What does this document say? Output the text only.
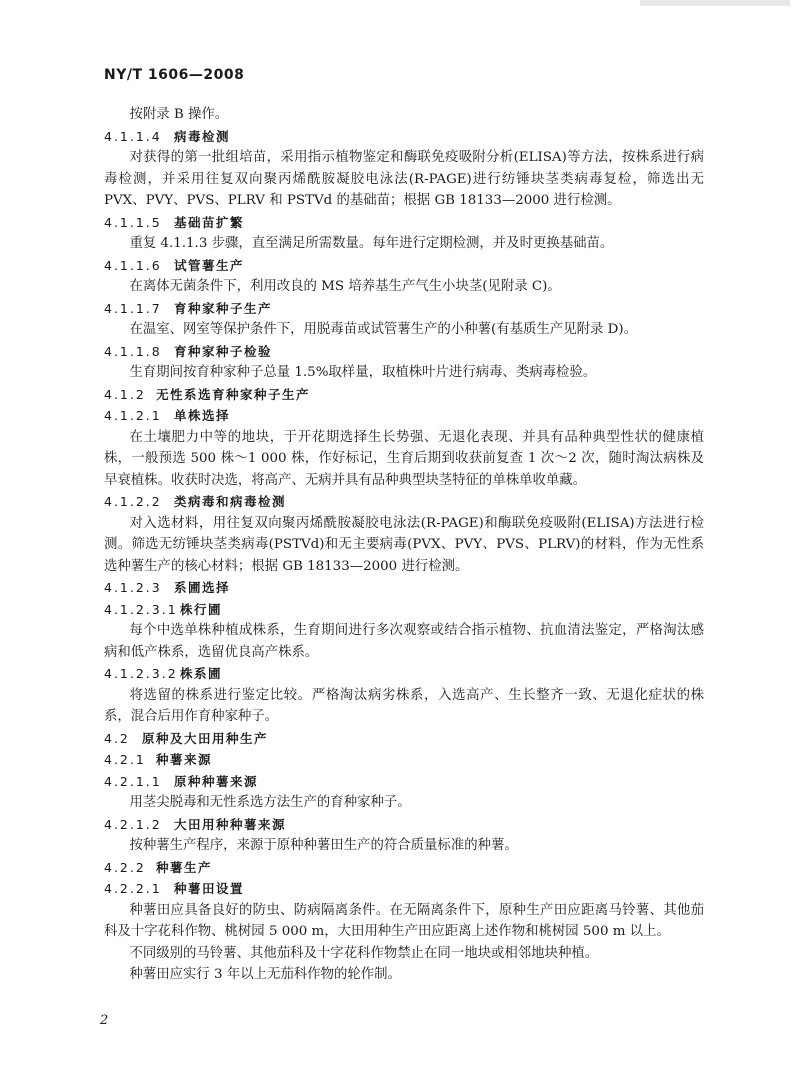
NY/T 1606—2008

按附录 B 操作。

4.1.1.4 病毒检测

对获得的第一批组培苗，采用指示植物鉴定和酶联免疫吸附分析(ELISA)等方法，按株系进行病毒检测，并采用往复双向聚丙烯酰胺凝胶电泳法(R-PAGE)进行纺锤块茎类病毒复检，筛选出无 PVX、PVY、PVS、PLRV 和 PSTVd 的基础苗；根据 GB 18133—2000 进行检测。

4.1.1.5 基础苗扩繁

重复 4.1.1.3 步骤，直至满足所需数量。每年进行定期检测，并及时更换基础苗。

4.1.1.6 试管薯生产

在离体无菌条件下，利用改良的 MS 培养基生产气生小块茎(见附录 C)。

4.1.1.7 育种家种子生产

在温室、网室等保护条件下，用脱毒苗或试管薯生产的小种薯(有基质生产见附录 D)。

4.1.1.8 育种家种子检验

生育期间按育种家种子总量 1.5%取样量，取植株叶片进行病毒、类病毒检验。

4.1.2 无性系选育种家种子生产
4.1.2.1 单株选择

在土壤肥力中等的地块，于开花期选择生长势强、无退化表现、并具有品种典型性状的健康植株，一般预选 500 株～1 000 株，作好标记，生育后期到收获前复查 1 次～2 次，随时淘汰病株及早衰植株。收获时决选，将高产、无病并具有品种典型块茎特征的单株单收单藏。

4.1.2.2 类病毒和病毒检测

对入选材料，用往复双向聚丙烯酰胺凝胶电泳法(R-PAGE)和酶联免疫吸附(ELISA)方法进行检测。筛选无纺锤块茎类病毒(PSTVd)和无主要病毒(PVX、PVY、PVS、PLRV)的材料，作为无性系选种薯生产的核心材料；根据 GB 18133—2000 进行检测。

4.1.2.3 系圃选择
4.1.2.3.1 株行圃

每个中选单株种植成株系，生育期间进行多次观察或结合指示植物、抗血清法鉴定，严格淘汰感病和低产株系，选留优良高产株系。

4.1.2.3.2 株系圃

将选留的株系进行鉴定比较。严格淘汰病劣株系，入选高产、生长整齐一致、无退化症状的株系，混合后用作育种家种子。

4.2 原种及大田用种生产
4.2.1 种薯来源
4.2.1.1 原种种薯来源

用茎尖脱毒和无性系选方法生产的育种家种子。

4.2.1.2 大田用种种薯来源

按种薯生产程序，来源于原种种薯田生产的符合质量标准的种薯。

4.2.2 种薯生产
4.2.2.1 种薯田设置

种薯田应具备良好的防虫、防病隔离条件。在无隔离条件下，原种生产田应距离马铃薯、其他茄科及十字花科作物、桃树园 5 000 m，大田用种生产田应距离上述作物和桃树园 500 m 以上。

不同级别的马铃薯、其他茄科及十字花科作物禁止在同一地块或相邻地块种植。

种薯田应实行 3 年以上无茄科作物的轮作制。

2
